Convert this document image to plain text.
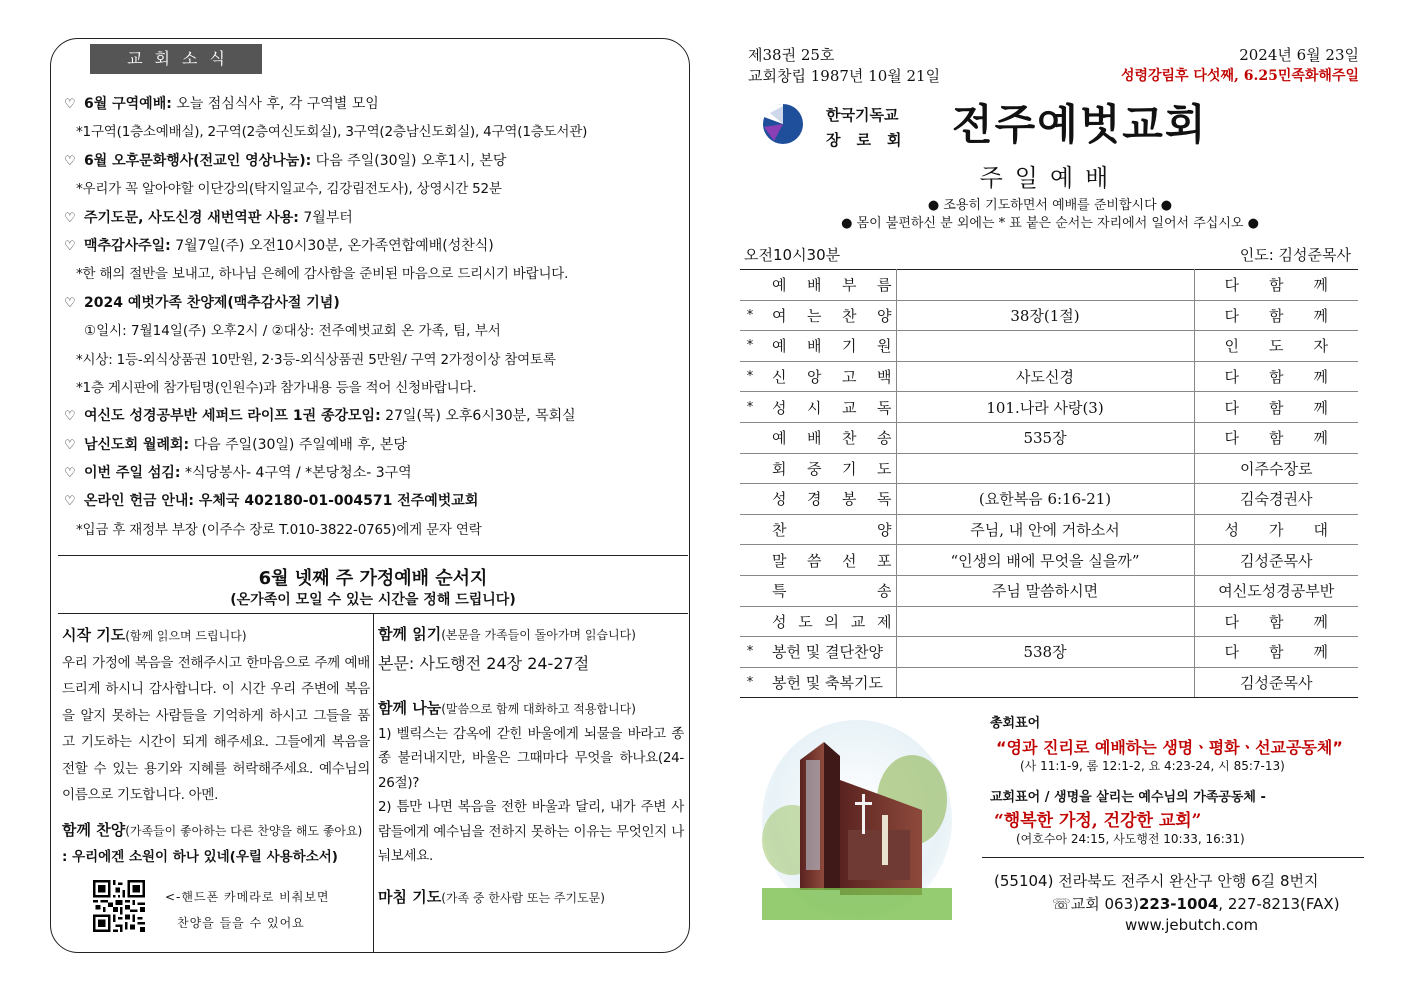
교회소식
♡ 6월 구역예배: 오늘 점심식사 후, 각 구역별 모임
*1구역(1층소예배실), 2구역(2층여신도회실), 3구역(2층남신도회실), 4구역(1층도서관)
♡ 6월 오후문화행사(전교인 영상나눔): 다음 주일(30일) 오후1시, 본당
*우리가 꼭 알아야할 이단강의(탁지일교수, 김강림전도사), 상영시간 52분
♡ 주기도문, 사도신경 새번역판 사용: 7월부터
♡ 맥추감사주일: 7월7일(주) 오전10시30분, 온가족연합예배(성찬식)
*한 해의 절반을 보내고, 하나님 은혜에 감사함을 준비된 마음으로 드리시기 바랍니다.
♡ 2024 예벗가족 찬양제(맥추감사절 기념)
①일시: 7월14일(주) 오후2시 / ②대상: 전주예벗교회 온 가족, 팀, 부서
*시상: 1등-외식상품권 10만원, 2·3등-외식상품권 5만원/ 구역 2가정이상 참여토록
*1층 게시판에 참가팀명(인원수)과 참가내용 등을 적어 신청바랍니다.
♡ 여신도 성경공부반 세퍼드 라이프 1권 종강모임: 27일(목) 오후6시30분, 목회실
♡ 남신도회 월례회: 다음 주일(30일) 주일예배 후, 본당
♡ 이번 주일 섬김: *식당봉사- 4구역 / *본당청소- 3구역
♡ 온라인 헌금 안내: 우체국 402180-01-004571 전주예벗교회
*입금 후 재정부 부장 (이주수 장로 T.010-3822-0765)에게 문자 연락
6월 넷째 주 가정예배 순서지
(온가족이 모일 수 있는 시간을 정해 드립니다)
시작 기도(함께 읽으며 드립니다)
우리 가정에 복음을 전해주시고 한마음으로 주께 예배드리게 하시니 감사합니다. 이 시간 우리 주변에 복음을 알지 못하는 사람들을 기억하게 하시고 그들을 품고 기도하는 시간이 되게 해주세요. 그들에게 복음을 전할 수 있는 용기와 지혜를 허락해주세요. 예수님의 이름으로 기도합니다. 아멘.
함께 찬양(가족들이 좋아하는 다른 찬양을 해도 좋아요)
: 우리에겐 소원이 하나 있네(우릴 사용하소서)
<-핸드폰 카메라로 비춰보면
찬양을 들을 수 있어요
함께 읽기(본문을 가족들이 돌아가며 읽습니다)
본문: 사도행전 24장 24-27절
함께 나눔(말씀으로 함께 대화하고 적용합니다)
1) 벨릭스는 감옥에 갇힌 바울에게 뇌물을 바라고 종종 불러내지만, 바울은 그때마다 무엇을 하나요(24-26절)?
2) 틈만 나면 복음을 전한 바울과 달리, 내가 주변 사람들에게 예수님을 전하지 못하는 이유는 무엇인지 나눠보세요.
마침 기도(가족 중 한사람 또는 주기도문)
제38권 25호
교회창립 1987년 10월 21일
2024년 6월 23일
성령강림후 다섯째, 6.25민족화해주일
한국기독교
장로회 전주예벗교회
주일예배
● 조용히 기도하면서 예배를 준비합시다 ●
● 몸이 불편하신 분 외에는 * 표 붙은 순서는 자리에서 일어서 주십시오 ●
오전10시30분	인도: 김성준목사

	예 배 부 름		다 함 께

*	여 는 찬 양	38장(1절)	다 함 께

*	예 배 기 원		인 도 자

*	신 앙 고 백	사도신경	다 함 께

*	성 시 교 독	101.나라 사랑(3)	다 함 께

	예 배 찬 송	535장	다 함 께

	회 중 기 도		이주수장로

	성 경 봉 독	(요한복음 6:16-21)	김숙경권사

	찬 양	주님, 내 안에 거하소서	성 가 대

	말 씀 선 포	“인생의 배에 무엇을 실을까”	김성준목사

	특 송	주님 말씀하시면	여신도성경공부반

	성 도 의 교 제		다 함 께

*	봉헌 및 결단찬양	538장	다 함 께

*	봉헌 및 축복기도		김성준목사
총회표어
“영과 진리로 예배하는 생명ㆍ평화ㆍ선교공동체”
(사 11:1-9, 롬 12:1-2, 요 4:23-24, 시 85:7-13)
교회표어 / 생명을 살리는 예수님의 가족공동체 -
“행복한 가정, 건강한 교회”
(여호수아 24:15, 사도행전 10:33, 16:31)
(55104) 전라북도 전주시 완산구 안행 6길 8번지
☏교회 063)223-1004, 227-8213(FAX)
www.jebutch.com
